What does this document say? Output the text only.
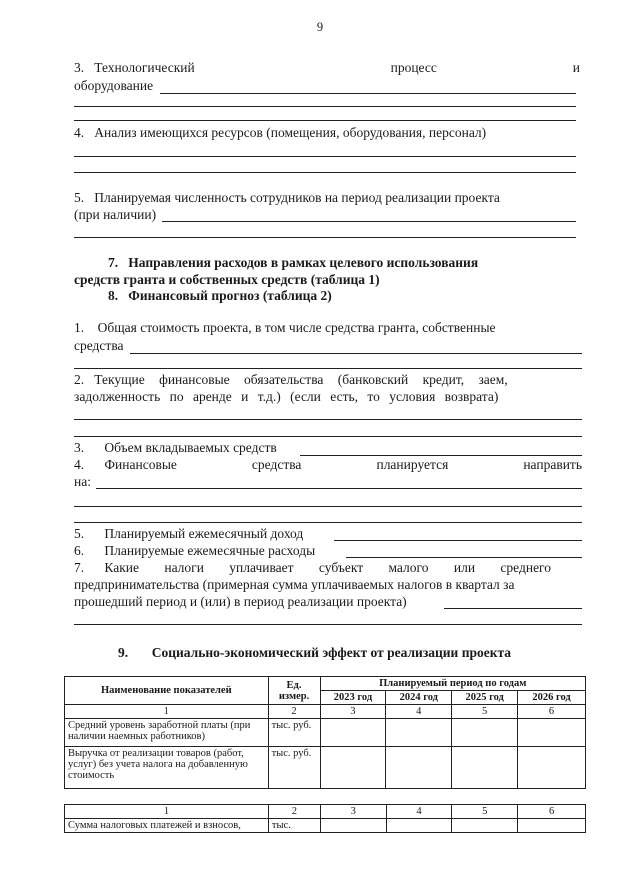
9
3. Технологический	процесс	и
оборудование
4. Анализ имеющихся ресурсов (помещения, оборудования, персонал)
5. Планируемая численность сотрудников на период реализации проекта
(при наличии)
7. Направления расходов в рамках целевого использования
средств гранта и собственных средств (таблица 1)
8. Финансовый прогноз (таблица 2)
1. Общая стоимость проекта, в том числе средства гранта, собственные
средства
2. Текущие финансовые обязательства (банковский кредит, заем,
задолженность по аренде и т.д.) (если есть, то условия возврата)
3. Объем вкладываемых средств
4. Финансовые	средства	планируется	направить
на:
5. Планируемый ежемесячный доход
6. Планируемые ежемесячные расходы
7. Какие налоги уплачивает субъект малого или среднего
предпринимательства (примерная сумма уплачиваемых налогов в квартал за
прошедший период и (или) в период реализации проекта)
9. Социально-экономический эффект от реализации проекта
Наименование показателей	Ед. измер.	Планируемый период по годам			
		2023 год	2024 год	2025 год	2026 год
1	2	3	4	5	6
Средний уровень заработной платы (при наличии наемных работников)	тыс. руб.				
Выручка от реализации товаров (работ, услуг) без учета налога на добавленную стоимость	тыс. руб.				
1	2	3	4	5	6
Сумма налоговых платежей и взносов,	тыс.				
